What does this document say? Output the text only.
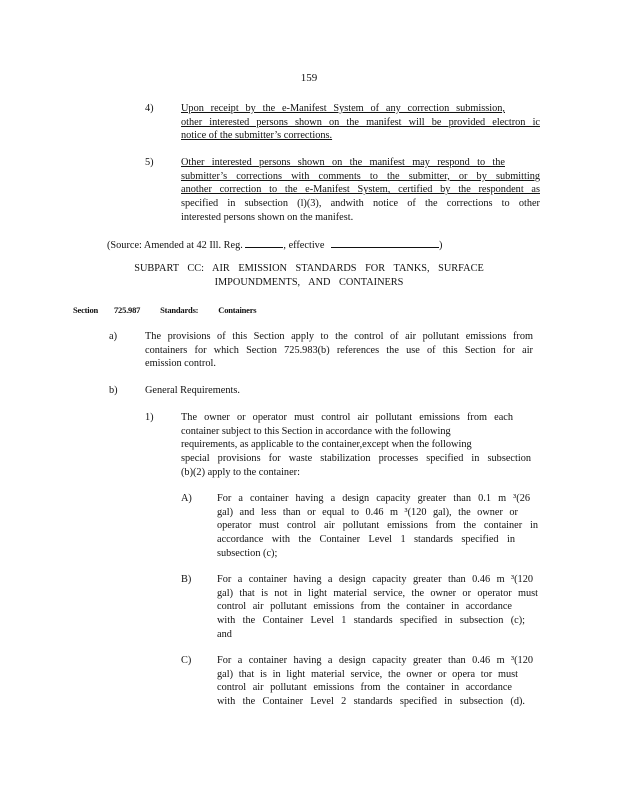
159
4)	Upon receipt by the e-Manifest System of any correction submission,
other interested persons shown on the manifest will be provided electron ic
notice of the submitter’s corrections.
5)	Other interested persons shown on the manifest may respond to the
submitter’s corrections with comments to the submitter, or by submitting
another correction to the e-Manifest System, certified by the respondent as
specified in subsection (l)(3), andwith notice of the corrections to other
interested persons shown on the manifest.
(Source: Amended at 42 Ill. Reg.	, effective	)
SUBPART CC: AIR EMISSION STANDARDS FOR TANKS, SURFACE
IMPOUNDMENTS, AND CONTAINERS
Section 725.987 Standards: Containers
a)	The provisions of this Section apply to the control of air pollutant emissions from
containers for which Section 725.983(b) references the use of this Section for air
emission control.
b)	General Requirements.
1)	The owner or operator must control air pollutant emissions from each
container subject to this Section in accordance with the following
requirements, as applicable to the container,except when the following
special provisions for waste stabilization processes specified in subsection
(b)(2) apply to the container:
A) For a container having a design capacity greater than 0.1 m ³(26
gal) and less than or equal to 0.46 m ³(120 gal), the owner or
operator must control air pollutant emissions from the container in
accordance with the Container Level 1 standards specified in
subsection (c);
B) For a container having a design capacity greater than 0.46 m ³(120
gal) that is not in light material service, the owner or operator must
control air pollutant emissions from the container in accordance
with the Container Level 1 standards specified in subsection (c);
and
C) For a container having a design capacity greater than 0.46 m ³(120
gal) that is in light material service, the owner or opera tor must
control air pollutant emissions from the container in accordance
with the Container Level 2 standards specified in subsection (d).
